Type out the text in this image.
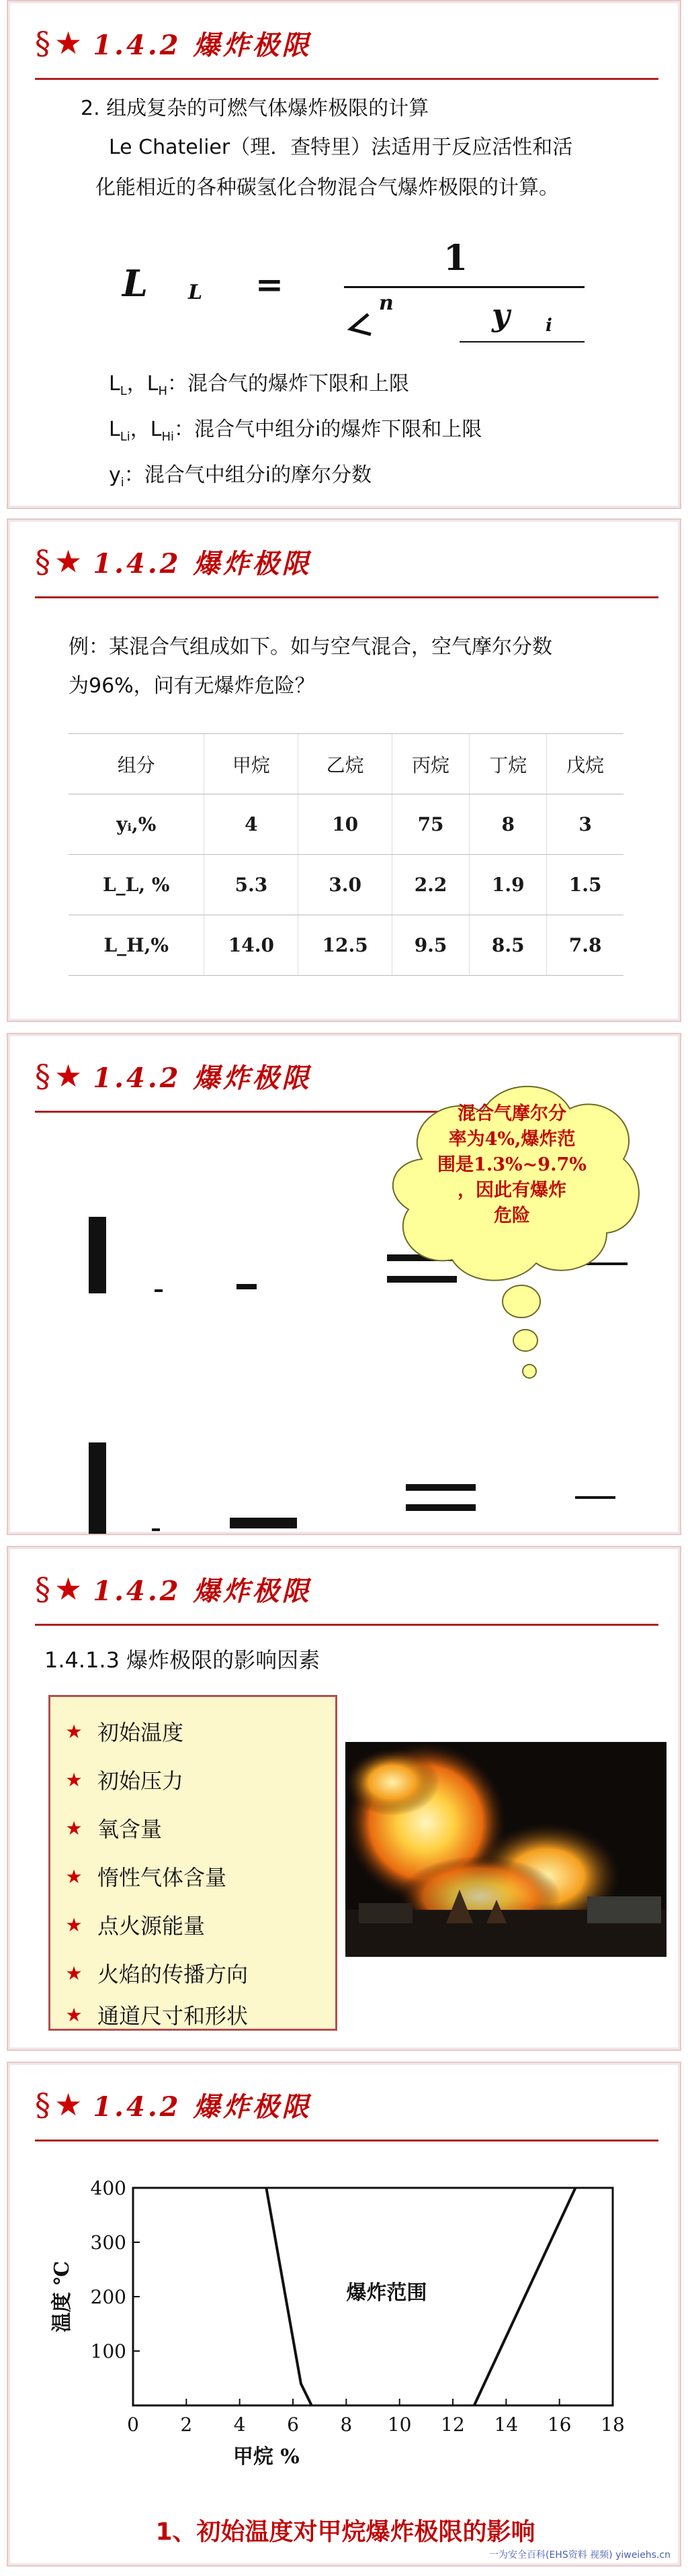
§ ★ 1.4.2 爆炸极限
2. 组成复杂的可燃气体爆炸极限的计算
Le Chatelier（理．查特里）法适用于反应活性和活
化能相近的各种碳氢化合物混合气爆炸极限的计算。
L L =
1
n	y i
$L_L$，$L_H$：混合气的爆炸下限和上限
$L_{Li}$，$L_{Hi}$：混合气中组分i的爆炸下限和上限
$y_i$：混合气中组分i的摩尔分数
§ ★ 1.4.2 爆炸极限
例：某混合气组成如下。如与空气混合，空气摩尔分数
为96%，问有无爆炸危险？
组分	甲烷	乙烷	丙烷	丁烷	戊烷
yᵢ,%	4	10	75	8	3
L_L, %	5.3	3.0	2.2	1.9	1.5
L_H,%	14.0	12.5	9.5	8.5	7.8
§ ★ 1.4.2 爆炸极限
混合气摩尔分
率为4%,爆炸范
围是1.3%~9.7%
，因此有爆炸
危险
§ ★ 1.4.2 爆炸极限
1.4.1.3 爆炸极限的影响因素
★ 初始温度
★ 初始压力
★ 氧含量
★ 惰性气体含量
★ 点火源能量
★ 火焰的传播方向
★ 通道尺寸和形状
§ ★ 1.4.2 爆炸极限
0 2 4 6 8 10 12 14 16 18
100
200
300
400
爆炸范围
甲烷 %
温度 ℃
1、初始温度对甲烷爆炸极限的影响
一为安全百科(EHS资料 视频) yiweiehs.cn
